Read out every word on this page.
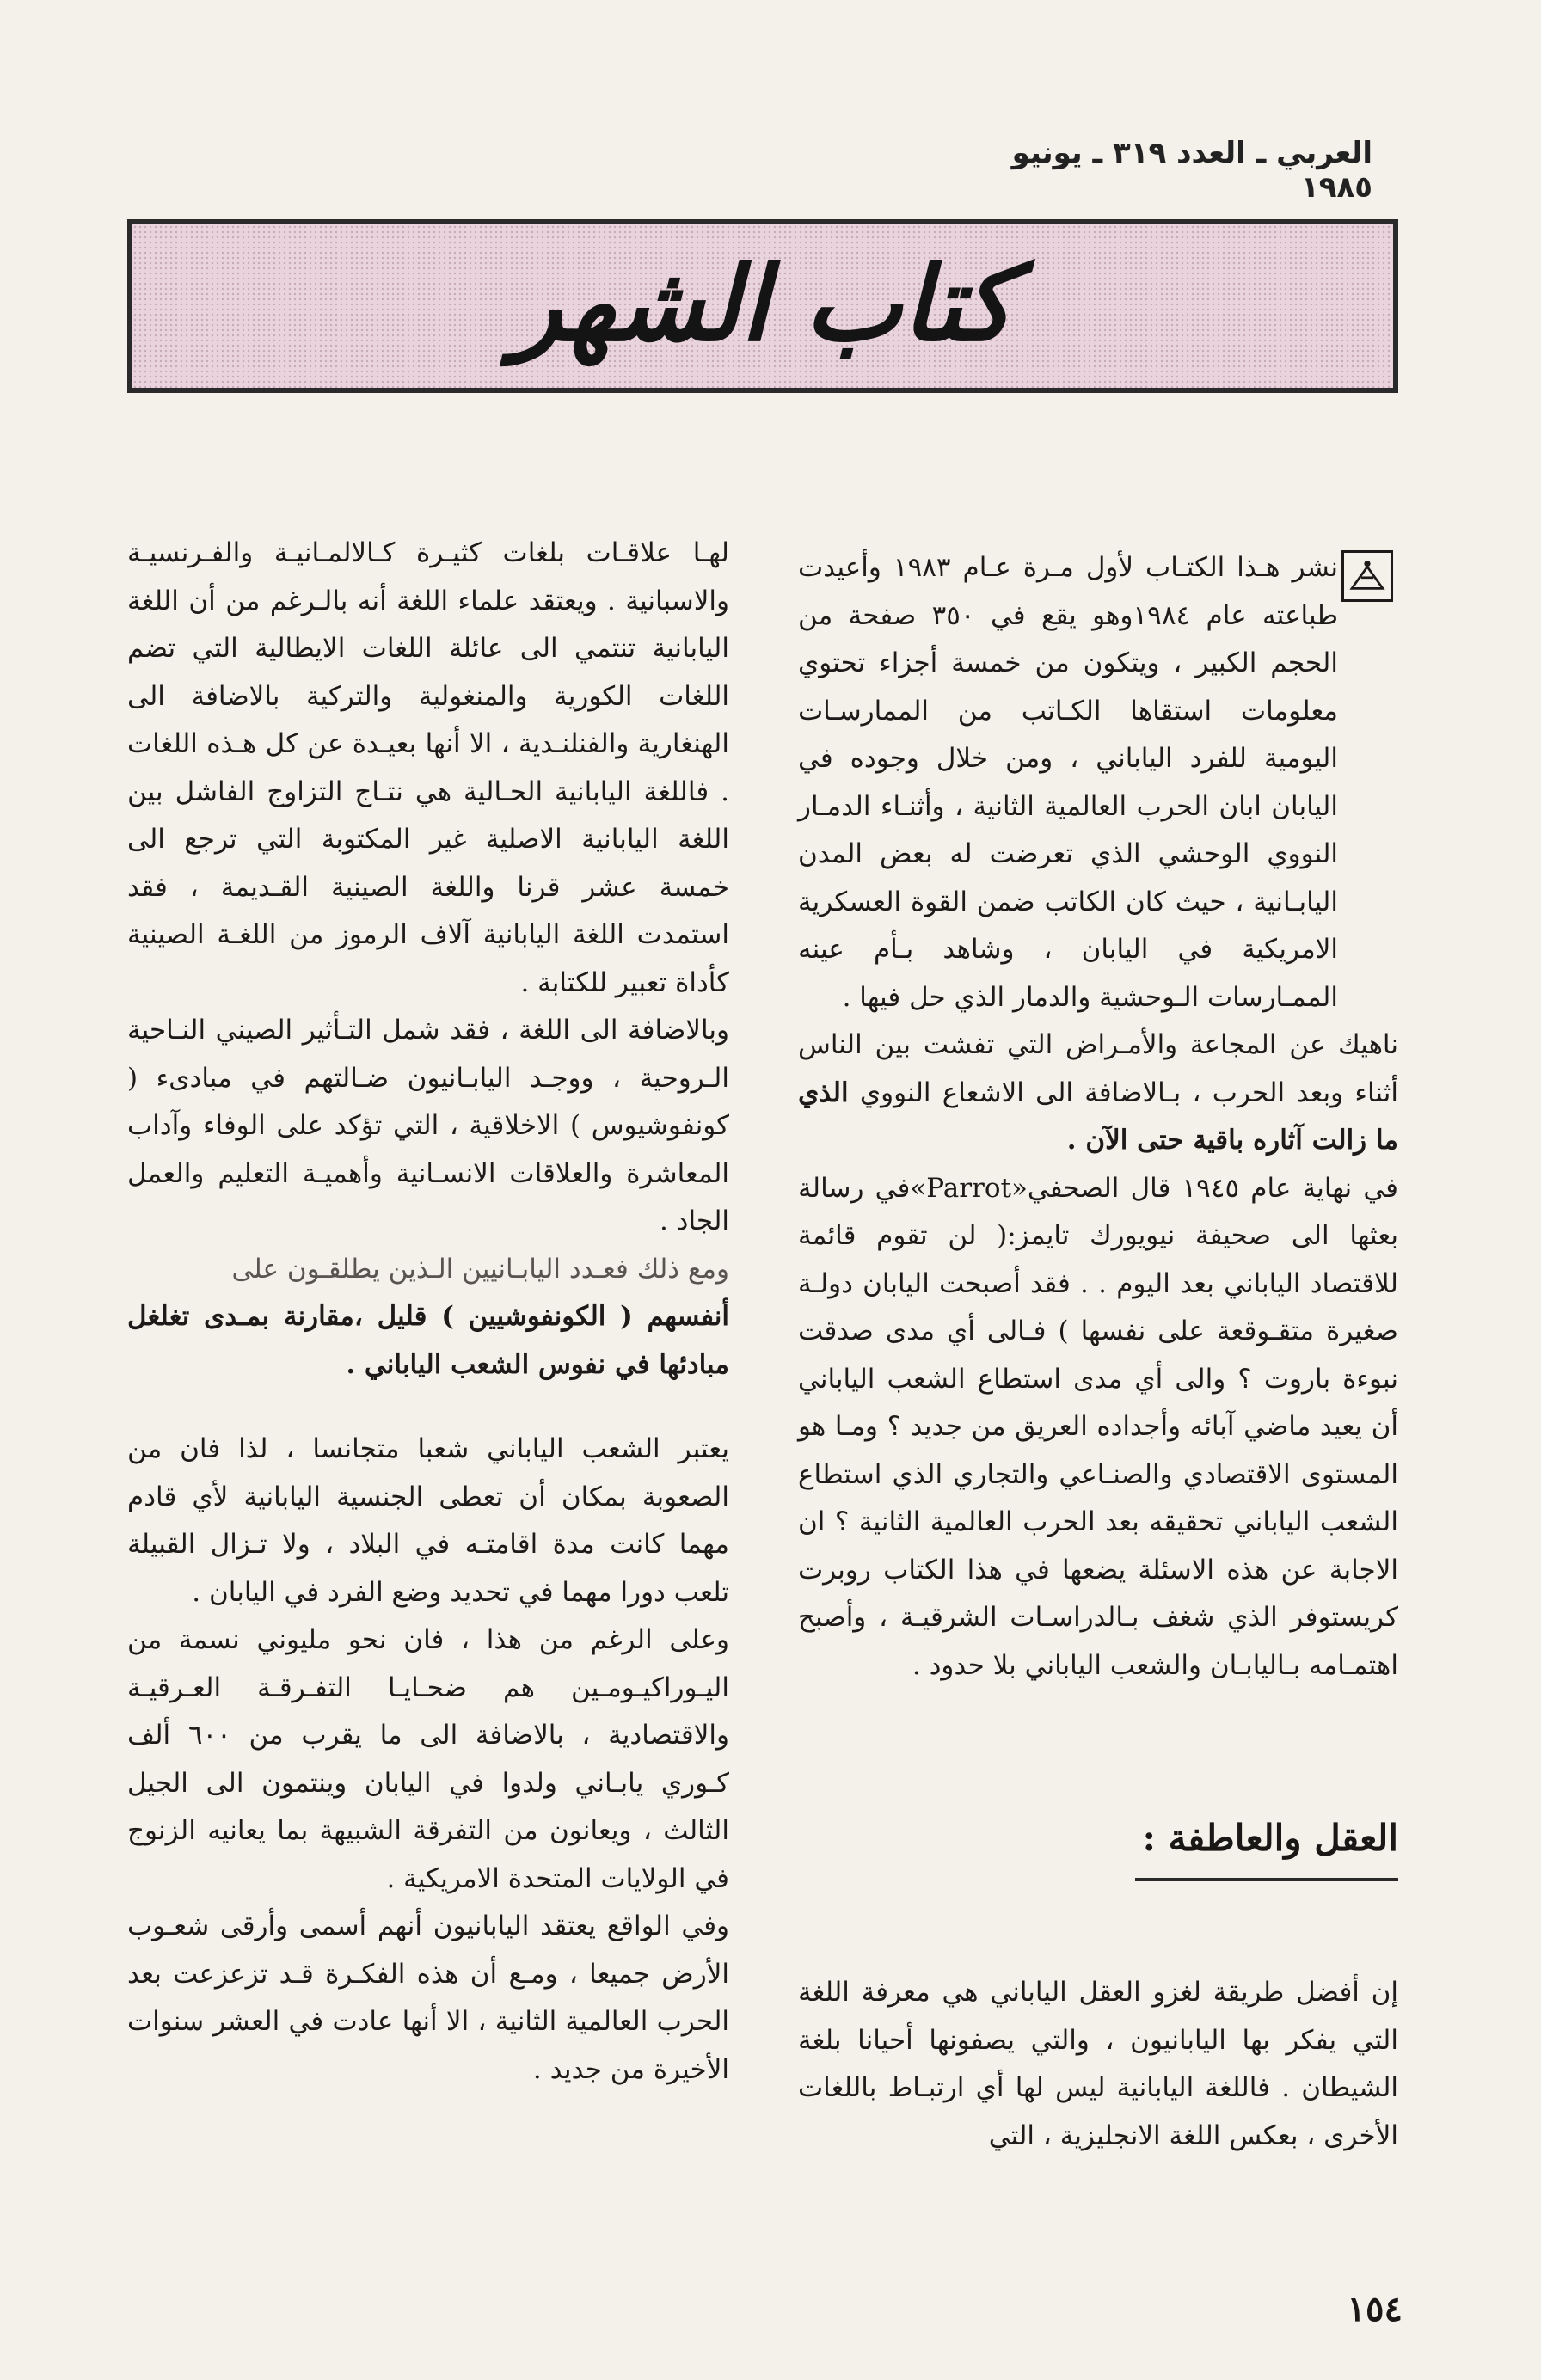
العربي ـ العدد ٣١٩ ـ يونيو ١٩٨٥
كتاب الشهر

نشر هـذا الكتـاب لأول مـرة عـام ١٩٨٣ وأعيدت طباعته عام ١٩٨٤وهو يقع في ٣٥٠ صفحة من الحجم الكبير ، ويتكون من خمسة أجزاء تحتوي معلومات استقاها الكـاتب من الممارسـات اليومية للفرد الياباني ، ومن خلال وجوده في اليابان ابان الحرب العالمية الثانية ، وأثنـاء الدمـار النووي الوحشي الذي تعرضت له بعض المدن اليابـانية ، حيث كان الكاتب ضمن القوة العسكرية الامريكية في اليابان ، وشاهد بـأم عينه الممـارسات الـوحشية والدمار الذي حل فيها .

ناهيك عن المجاعة والأمـراض التي تفشت بين الناس أثناء وبعد الحرب ، بـالاضافة الى الاشعاع النووي الذي ما زالت آثاره باقية حتى الآن .

في نهاية عام ١٩٤٥ قال الصحفي«Parrot»في رسالة بعثها الى صحيفة نيويورك تايمز:( لن تقوم قائمة للاقتصاد الياباني بعد اليوم . . فقد أصبحت اليابان دولـة صغيرة متقـوقعة على نفسها ) فـالى أي مدى صدقت نبوءة باروت ؟ والى أي مدى استطاع الشعب الياباني أن يعيد ماضي آبائه وأجداده العريق من جديد ؟ ومـا هو المستوى الاقتصادي والصنـاعي والتجاري الذي استطاع الشعب الياباني تحقيقه بعد الحرب العالمية الثانية ؟ ان الاجابة عن هذه الاسئلة يضعها في هذا الكتاب روبرت كريستوفر الذي شغف بـالدراسـات الشرقيـة ، وأصبح اهتمـامه بـاليابـان والشعب الياباني بلا حدود .

العقل والعاطفة :

إن أفضل طريقة لغزو العقل الياباني هي معرفة اللغة التي يفكر بها اليابانيون ، والتي يصفونها أحيانا بلغة الشيطان . فاللغة اليابانية ليس لها أي ارتبـاط باللغات الأخرى ، بعكس اللغة الانجليزية ، التي

لهـا علاقـات بلغات كثيـرة كـالالمـانيـة والفـرنسيـة والاسبانية . ويعتقد علماء اللغة أنه بالـرغم من أن اللغة اليابانية تنتمي الى عائلة اللغات الايطالية التي تضم اللغات الكورية والمنغولية والتركية بالاضافة الى الهنغارية والفنلنـدية ، الا أنها بعيـدة عن كل هـذه اللغات . فاللغة اليابانية الحـالية هي نتـاج التزاوج الفاشل بين اللغة اليابانية الاصلية غير المكتوبة التي ترجع الى خمسة عشر قرنا واللغة الصينية القـديمة ، فقد استمدت اللغة اليابانية آلاف الرموز من اللغـة الصينية كأداة تعبير للكتابة .

وبالاضافة الى اللغة ، فقد شمل التـأثير الصيني النـاحية الـروحية ، ووجـد اليابـانيون ضـالتهم في مبادىء ( كونفوشيوس ) الاخلاقية ، التي تؤكد على الوفاء وآداب المعاشرة والعلاقات الانسـانية وأهميـة التعليم والعمل الجاد .

ومع ذلك فعـدد اليابـانيين الـذين يطلقـون على

أنفسهم ( الكونفوشيين ) قليل ،مقارنة بمـدى تغلغل مبادئها في نفوس الشعب الياباني .

يعتبر الشعب الياباني شعبا متجانسا ، لذا فان من الصعوبة بمكان أن تعطى الجنسية اليابانية لأي قادم مهما كانت مدة اقامتـه في البلاد ، ولا تـزال القبيلة تلعب دورا مهما في تحديد وضع الفرد في اليابان .

وعلى الرغم من هذا ، فان نحو مليوني نسمة من اليـوراكيـومـين هم ضحـايـا التفـرقـة العـرقيـة والاقتصادية ، بالاضافة الى ما يقرب من ٦٠٠ ألف كـوري يابـاني ولدوا في اليابان وينتمون الى الجيل الثالث ، ويعانون من التفرقة الشبيهة بما يعانيه الزنوج في الولايات المتحدة الامريكية .

وفي الواقع يعتقد اليابانيون أنهم أسمى وأرقى شعـوب الأرض جميعا ، ومـع أن هذه الفكـرة قـد تزعزعت بعد الحرب العالمية الثانية ، الا أنها عادت في العشر سنوات الأخيرة من جديد .

١٥٤
